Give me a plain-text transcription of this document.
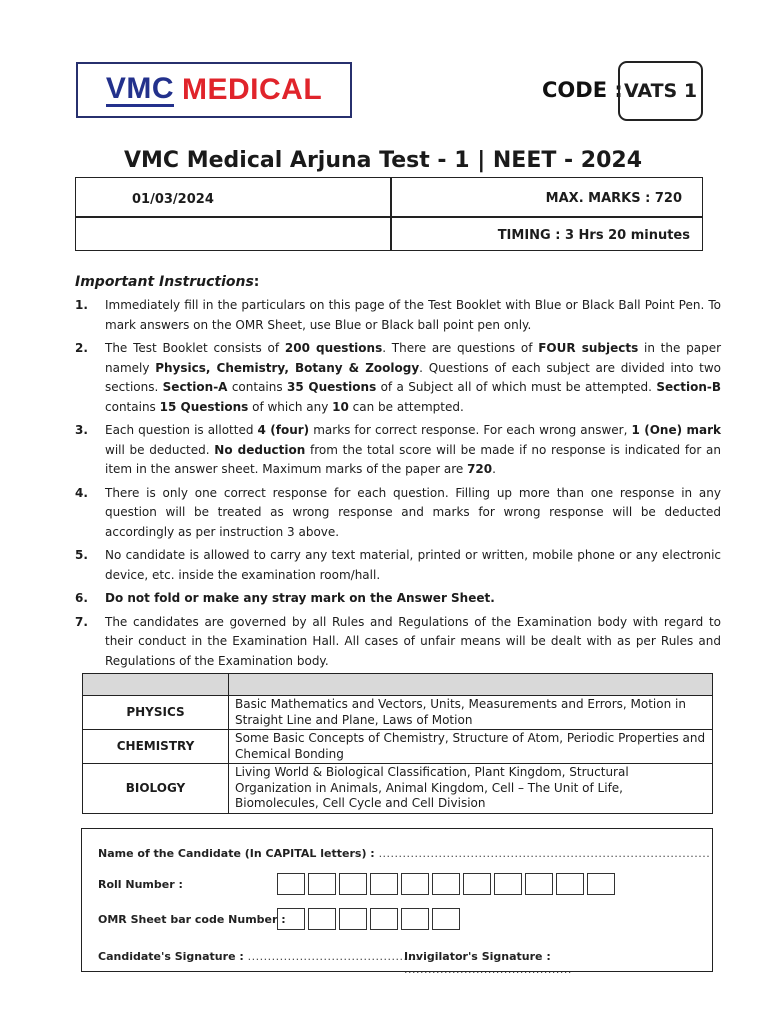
VMC MEDICAL	CODE : VATS 1
VMC Medical Arjuna Test - 1 | NEET - 2024
01/03/2024	MAX. MARKS : 720
TIMING : 3 Hrs 20 minutes
Important Instructions:
1. Immediately fill in the particulars on this page of the Test Booklet with Blue or Black Ball Point Pen. To mark answers on the OMR Sheet, use Blue or Black ball point pen only.
2. The Test Booklet consists of 200 questions. There are questions of FOUR subjects in the paper namely Physics, Chemistry, Botany & Zoology. Questions of each subject are divided into two sections. Section-A contains 35 Questions of a Subject all of which must be attempted. Section-B contains 15 Questions of which any 10 can be attempted.
3. Each question is allotted 4 (four) marks for correct response. For each wrong answer, 1 (One) mark will be deducted. No deduction from the total score will be made if no response is indicated for an item in the answer sheet. Maximum marks of the paper are 720.
4. There is only one correct response for each question. Filling up more than one response in any question will be treated as wrong response and marks for wrong response will be deducted accordingly as per instruction 3 above.
5. No candidate is allowed to carry any text material, printed or written, mobile phone or any electronic device, etc. inside the examination room/hall.
6. Do not fold or make any stray mark on the Answer Sheet.
7. The candidates are governed by all Rules and Regulations of the Examination body with regard to their conduct in the Examination Hall. All cases of unfair means will be dealt with as per Rules and Regulations of the Examination body.

PHYSICS	Basic Mathematics and Vectors, Units, Measurements and Errors, Motion in Straight Line and Plane, Laws of Motion
CHEMISTRY	Some Basic Concepts of Chemistry, Structure of Atom, Periodic Properties and Chemical Bonding
BIOLOGY	Living World & Biological Classification, Plant Kingdom, Structural Organization in Animals, Animal Kingdom, Cell – The Unit of Life, Biomolecules, Cell Cycle and Cell Division
Name of the Candidate (In CAPITAL letters) : ...................................................................................
Roll Number :
OMR Sheet bar code Number :
Candidate's Signature : ...........................................
Invigilator's Signature : ..........................................
